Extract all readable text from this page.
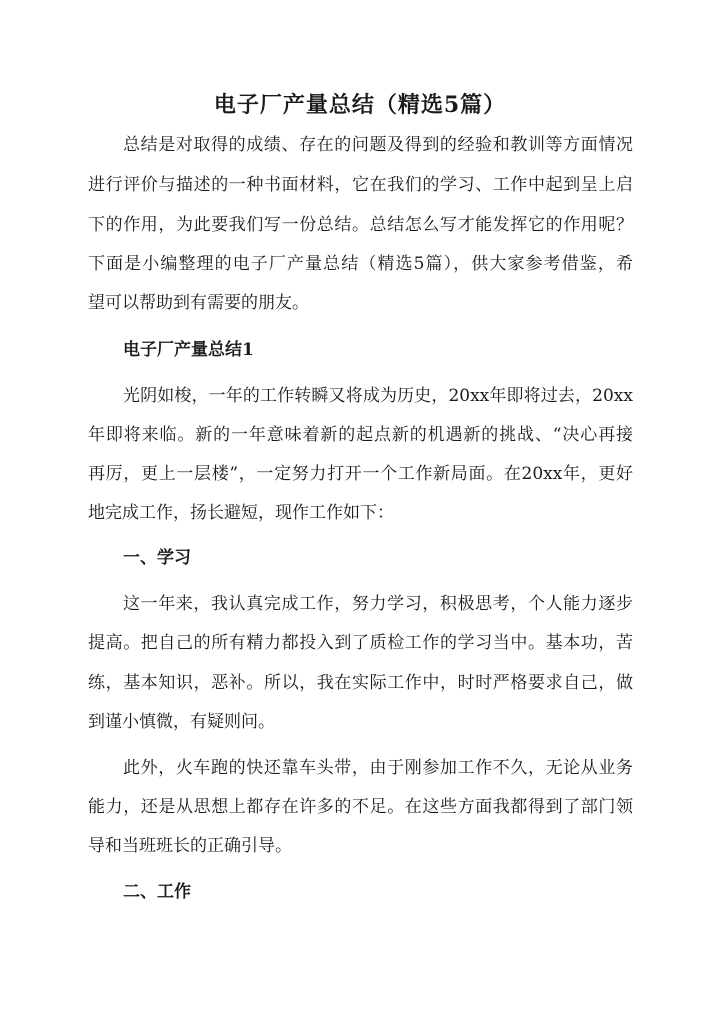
电子厂产量总结（精选5篇）

总结是对取得的成绩、存在的问题及得到的经验和教训等方面情况

进行评价与描述的一种书面材料，它在我们的学习、工作中起到呈上启

下的作用，为此要我们写一份总结。总结怎么写才能发挥它的作用呢？

下面是小编整理的电子厂产量总结（精选5篇），供大家参考借鉴，希

望可以帮助到有需要的朋友。

电子厂产量总结1

光阴如梭，一年的工作转瞬又将成为历史，20xx年即将过去，20xx

年即将来临。新的一年意味着新的起点新的机遇新的挑战、“决心再接

再厉，更上一层楼”，一定努力打开一个工作新局面。在20xx年，更好

地完成工作，扬长避短，现作工作如下：

一、学习

这一年来，我认真完成工作，努力学习，积极思考，个人能力逐步

提高。把自己的所有精力都投入到了质检工作的学习当中。基本功，苦

练，基本知识，恶补。所以，我在实际工作中，时时严格要求自己，做

到谨小慎微，有疑则问。

此外，火车跑的快还靠车头带，由于刚参加工作不久，无论从业务

能力，还是从思想上都存在许多的不足。在这些方面我都得到了部门领

导和当班班长的正确引导。

二、工作
